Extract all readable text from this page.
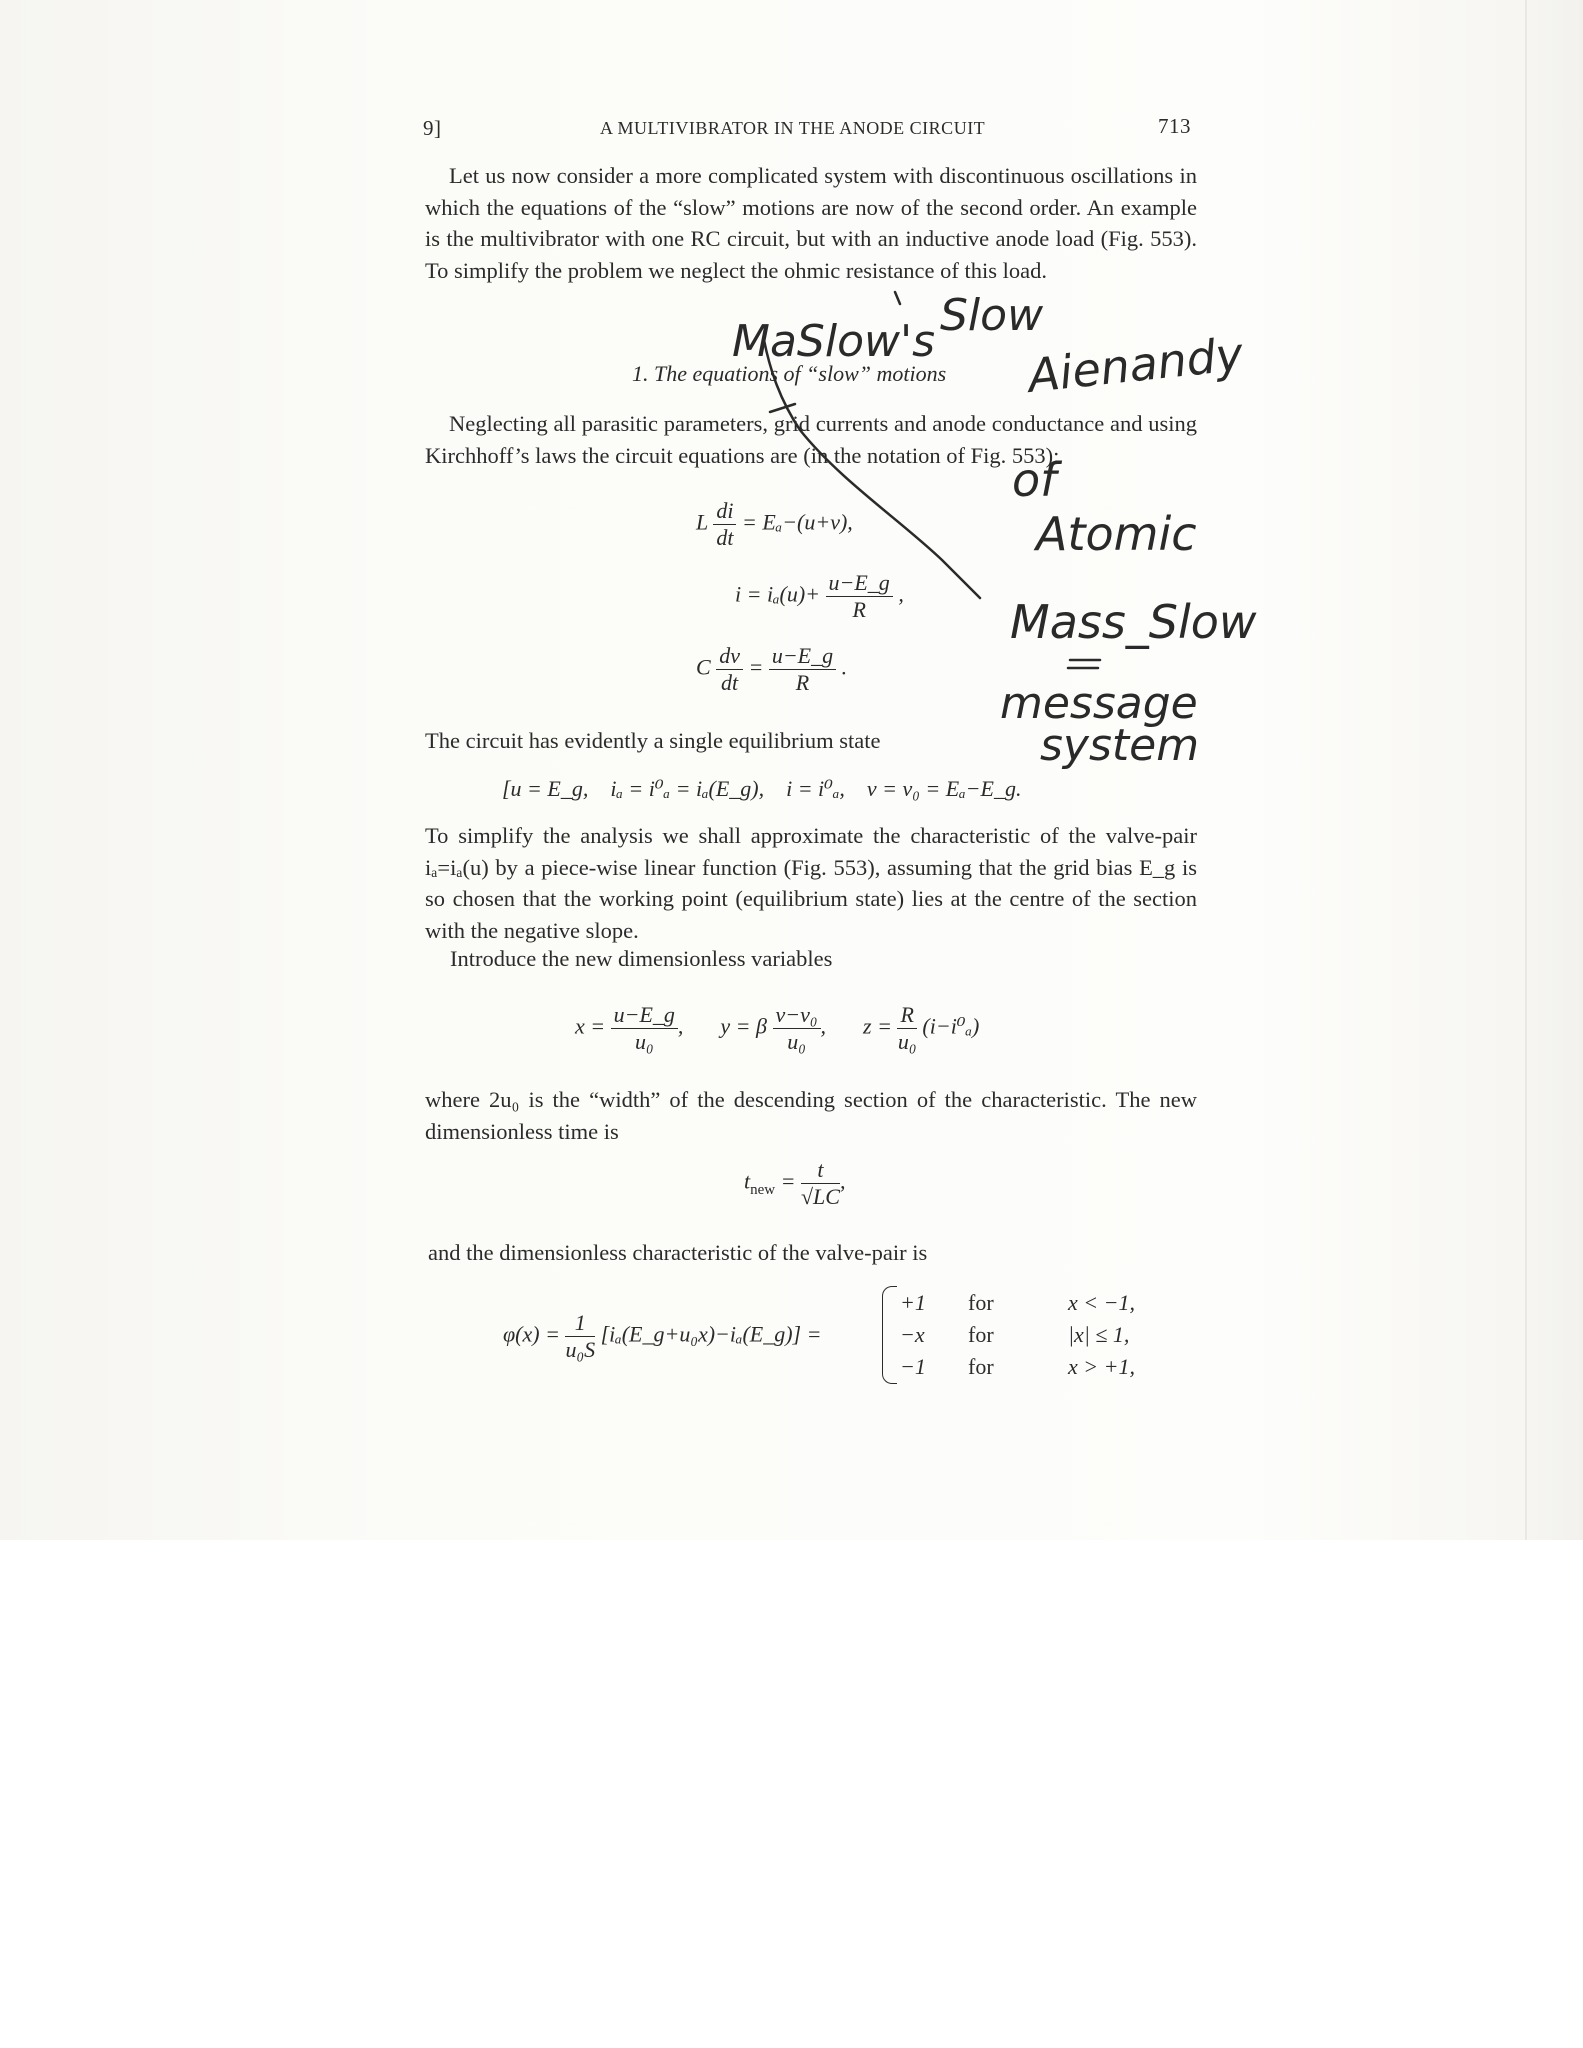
9]	A MULTIVIBRATOR IN THE ANODE CIRCUIT	713
Let us now consider a more complicated system with discontinuous oscillations in which the equations of the “slow” motions are now of the second order. An example is the multivibrator with one RC circuit, but with an inductive anode load (Fig. 553). To simplify the problem we neglect the ohmic resistance of this load.
1. The equations of “slow” motions
Neglecting all parasitic parameters, grid currents and anode conductance and using Kirchhoff’s laws the circuit equations are (in the notation of Fig. 553):
L $\frac{di}{dt} = E_a-(u+v)$,
$i = i_a(u)+ \frac{u-E\_g}{R}$ ,
C $\frac{dv}{dt} = \frac{u-E\_g}{R}$ .
The circuit has evidently a single equilibrium state
[u = E_g,    iₐ = i⁰ₐ = iₐ(E_g),    i = i⁰ₐ,    v = v₀ = Eₐ−E_g.
To simplify the analysis we shall approximate the characteristic of the valve-pair iₐ=iₐ(u) by a piece-wise linear function (Fig. 553), assuming that the grid bias E_g is so chosen that the working point (equilibrium state) lies at the centre of the section with the negative slope.
Introduce the new dimensionless variables
$x = \frac{u-E\_g}{\text{u₀}}$ , y = β $\frac{\text{v−v₀}}{\text{u₀}}$ , $z = \frac{R}{\text{u₀}} (i-i^0_a)$
where 2u₀ is the “width” of the descending section of the characteristic. The new dimensionless time is
$t_{new} = \frac{t}{√LC}$ ,
and the dimensionless characteristic of the valve-pair is
$\varphi(x) = \frac{1}{\text{u₀S}}$ [iₐ(E_g+u₀x)−iₐ(E_g)] =
+1 for	x < −1,
−x for	|x| ≤ 1,
−1 for	x > +1,
MaSlow's
Slow
Aienandy
of
Atomic
Mass_Slow
message
system
